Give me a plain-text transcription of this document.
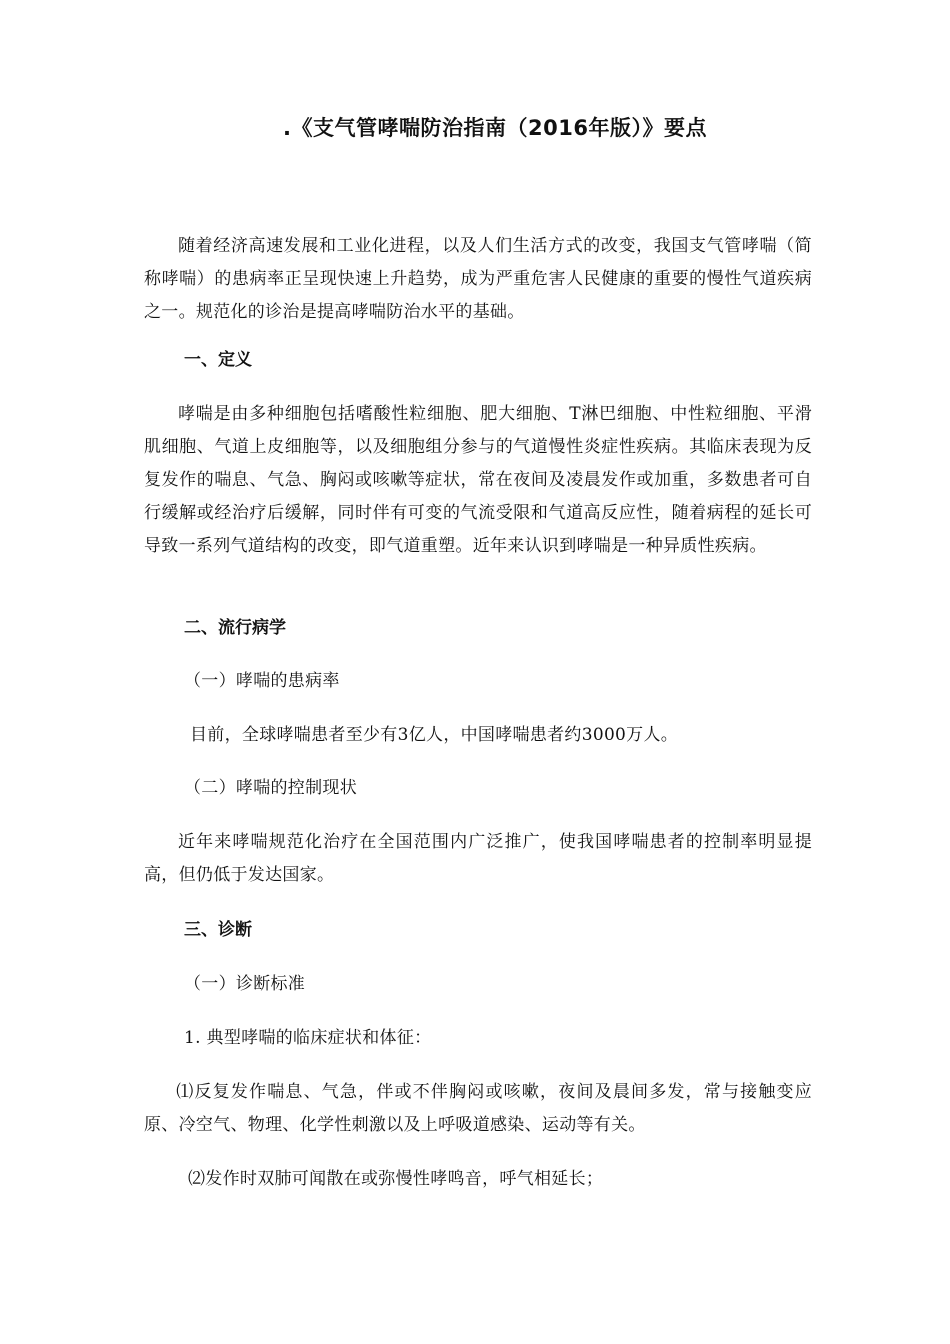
.《支气管哮喘防治指南（2016年版）》要点
随着经济高速发展和工业化进程，以及人们生活方式的改变，我国支气管哮喘（简称哮喘）的患病率正呈现快速上升趋势，成为严重危害人民健康的重要的慢性气道疾病之一。规范化的诊治是提高哮喘防治水平的基础。
一、定义
哮喘是由多种细胞包括嗜酸性粒细胞、肥大细胞、T淋巴细胞、中性粒细胞、平滑肌细胞、气道上皮细胞等，以及细胞组分参与的气道慢性炎症性疾病。其临床表现为反复发作的喘息、气急、胸闷或咳嗽等症状，常在夜间及凌晨发作或加重，多数患者可自行缓解或经治疗后缓解，同时伴有可变的气流受限和气道高反应性，随着病程的延长可导致一系列气道结构的改变，即气道重塑。近年来认识到哮喘是一种异质性疾病。
二、流行病学
（一）哮喘的患病率
目前，全球哮喘患者至少有3亿人，中国哮喘患者约3000万人。
（二）哮喘的控制现状
近年来哮喘规范化治疗在全国范围内广泛推广，使我国哮喘患者的控制率明显提高，但仍低于发达国家。
三、诊断
（一）诊断标准
1. 典型哮喘的临床症状和体征：
⑴反复发作喘息、气急，伴或不伴胸闷或咳嗽，夜间及晨间多发，常与接触变应原、冷空气、物理、化学性刺激以及上呼吸道感染、运动等有关。
⑵发作时双肺可闻散在或弥慢性哮鸣音，呼气相延长；
